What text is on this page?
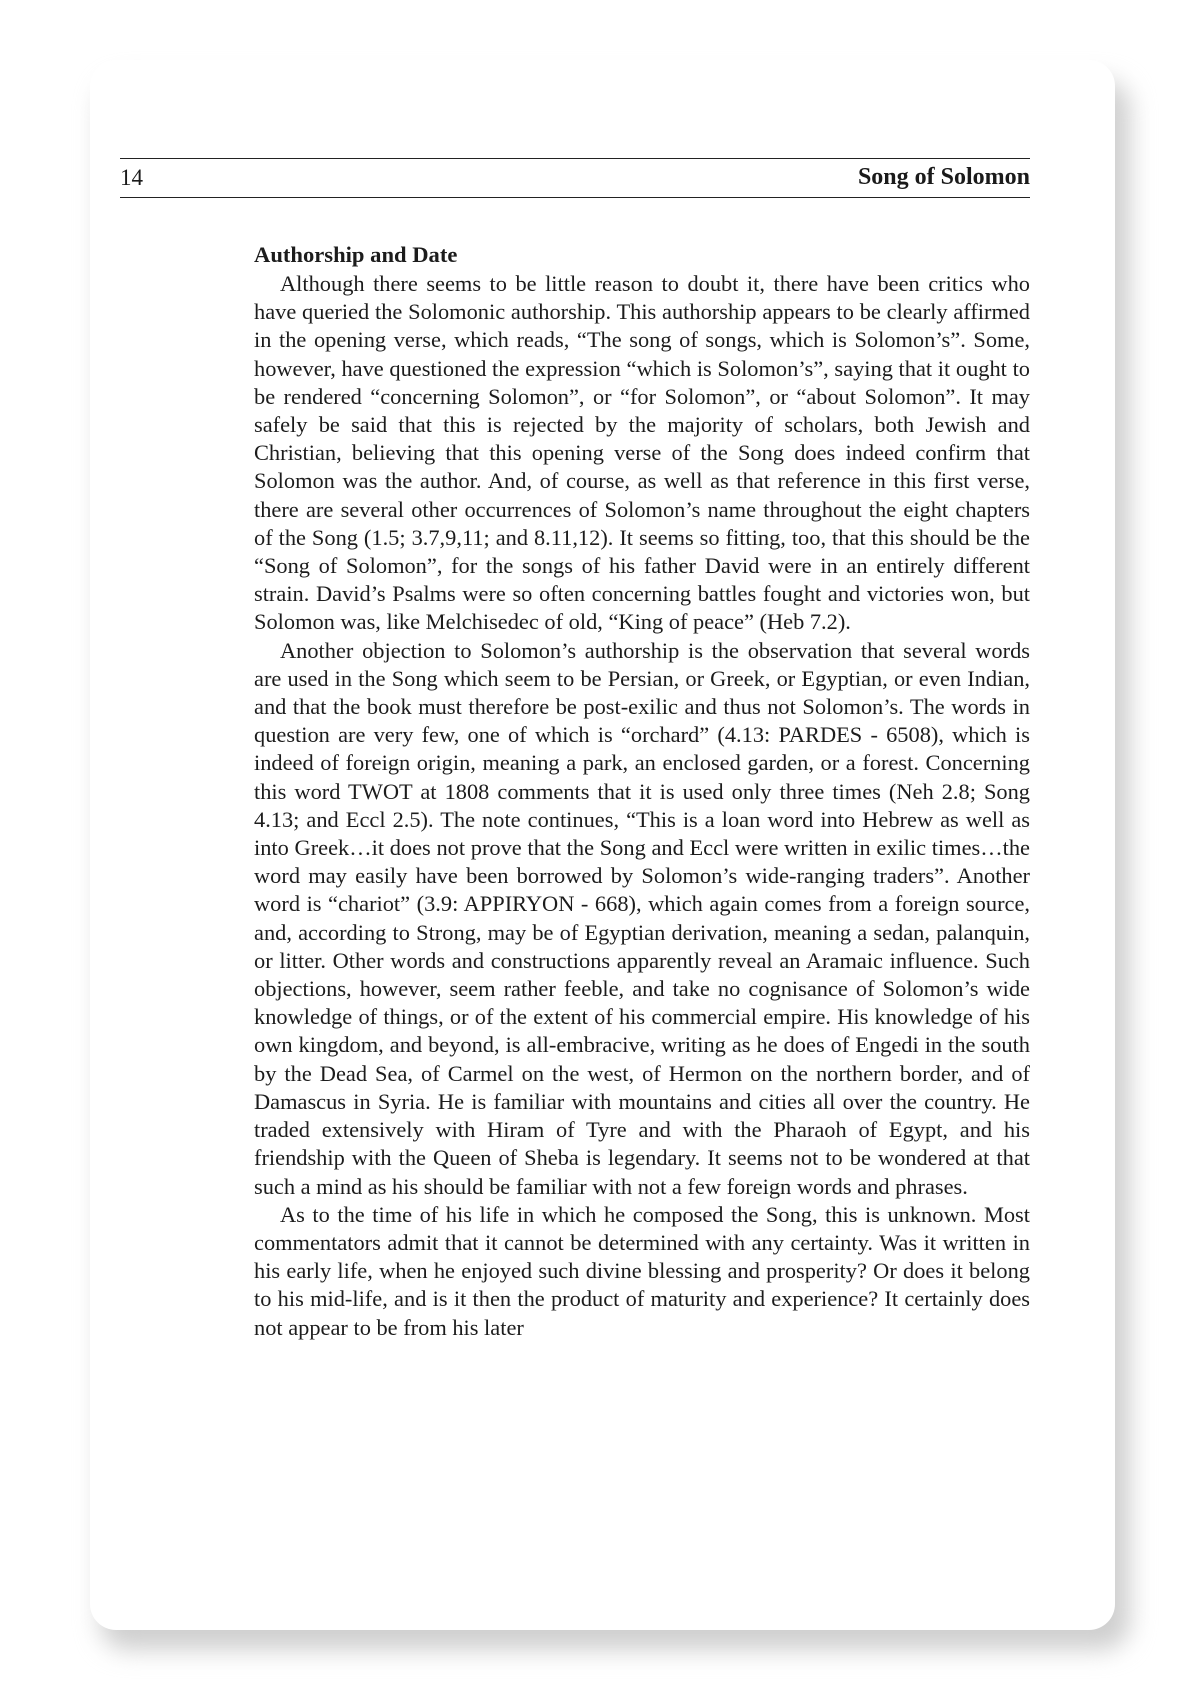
14	Song of Solomon
Authorship and Date

Although there seems to be little reason to doubt it, there have been critics who have queried the Solomonic authorship. This authorship appears to be clearly affirmed in the opening verse, which reads, “The song of songs, which is Solomon’s”. Some, however, have questioned the expression “which is Solomon’s”, saying that it ought to be rendered “concerning Solomon”, or “for Solomon”, or “about Solomon”. It may safely be said that this is rejected by the majority of scholars, both Jewish and Christian, believing that this opening verse of the Song does indeed confirm that Solomon was the author. And, of course, as well as that reference in this first verse, there are several other occurrences of Solomon’s name throughout the eight chapters of the Song (1.5; 3.7,9,11; and 8.11,12). It seems so fitting, too, that this should be the “Song of Solomon”, for the songs of his father David were in an entirely different strain. David’s Psalms were so often concerning battles fought and victories won, but Solomon was, like Melchisedec of old, “King of peace” (Heb 7.2).

Another objection to Solomon’s authorship is the observation that several words are used in the Song which seem to be Persian, or Greek, or Egyptian, or even Indian, and that the book must therefore be post-exilic and thus not Solomon’s. The words in question are very few, one of which is “orchard” (4.13: PARDES - 6508), which is indeed of foreign origin, meaning a park, an enclosed garden, or a forest. Concerning this word TWOT at 1808 comments that it is used only three times (Neh 2.8; Song 4.13; and Eccl 2.5). The note continues, “This is a loan word into Hebrew as well as into Greek…it does not prove that the Song and Eccl were written in exilic times…the word may easily have been borrowed by Solomon’s wide-ranging traders”. Another word is “chariot” (3.9: APPIRYON - 668), which again comes from a foreign source, and, according to Strong, may be of Egyptian derivation, meaning a sedan, palanquin, or litter. Other words and constructions apparently reveal an Aramaic influence. Such objections, however, seem rather feeble, and take no cognisance of Solomon’s wide knowledge of things, or of the extent of his commercial empire. His knowledge of his own kingdom, and beyond, is all-embracive, writing as he does of Engedi in the south by the Dead Sea, of Carmel on the west, of Hermon on the northern border, and of Damascus in Syria. He is familiar with mountains and cities all over the country. He traded extensively with Hiram of Tyre and with the Pharaoh of Egypt, and his friendship with the Queen of Sheba is legendary. It seems not to be wondered at that such a mind as his should be familiar with not a few foreign words and phrases.

As to the time of his life in which he composed the Song, this is unknown. Most commentators admit that it cannot be determined with any certainty. Was it written in his early life, when he enjoyed such divine blessing and prosperity? Or does it belong to his mid-life, and is it then the product of maturity and experience? It certainly does not appear to be from his later
